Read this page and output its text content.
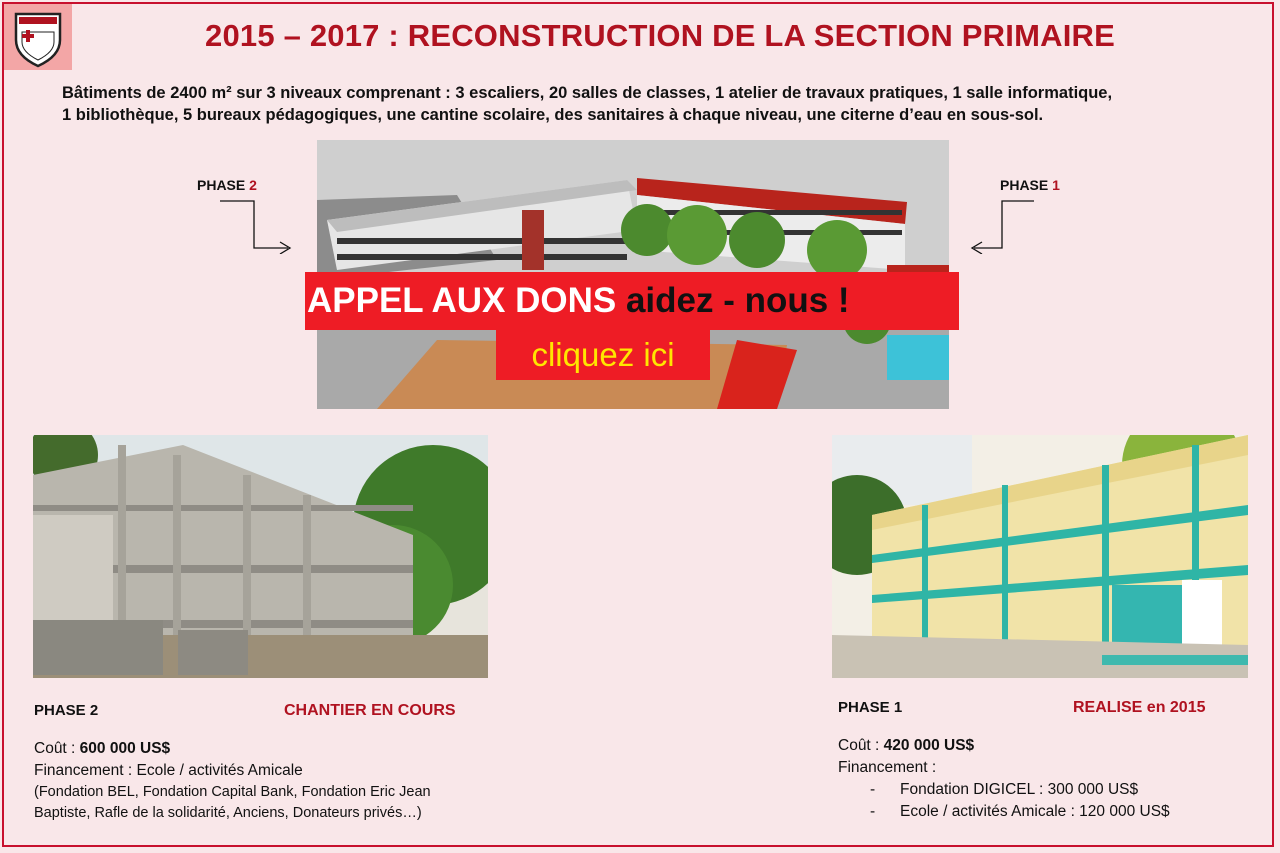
2015 – 2017 : RECONSTRUCTION DE LA SECTION PRIMAIRE
Bâtiments de 2400 m² sur 3 niveaux comprenant : 3 escaliers, 20 salles de classes, 1 atelier de travaux pratiques, 1 salle informatique,
1 bibliothèque, 5 bureaux pédagogiques, une cantine scolaire, des sanitaires à chaque niveau, une citerne d’eau en sous-sol.
PHASE 2	PHASE 1
APPEL AUX DONS aidez - nous !
cliquez ici
PHASE 2	CHANTIER EN COURS
Coût : 600 000 US$
Financement : Ecole / activités Amicale
(Fondation BEL, Fondation Capital Bank, Fondation Eric Jean
Baptiste, Rafle de la solidarité, Anciens, Donateurs privés…)
PHASE 1	REALISE en 2015
Coût : 420 000 US$
Financement :
- Fondation DIGICEL : 300 000 US$
- Ecole / activités Amicale : 120 000 US$
